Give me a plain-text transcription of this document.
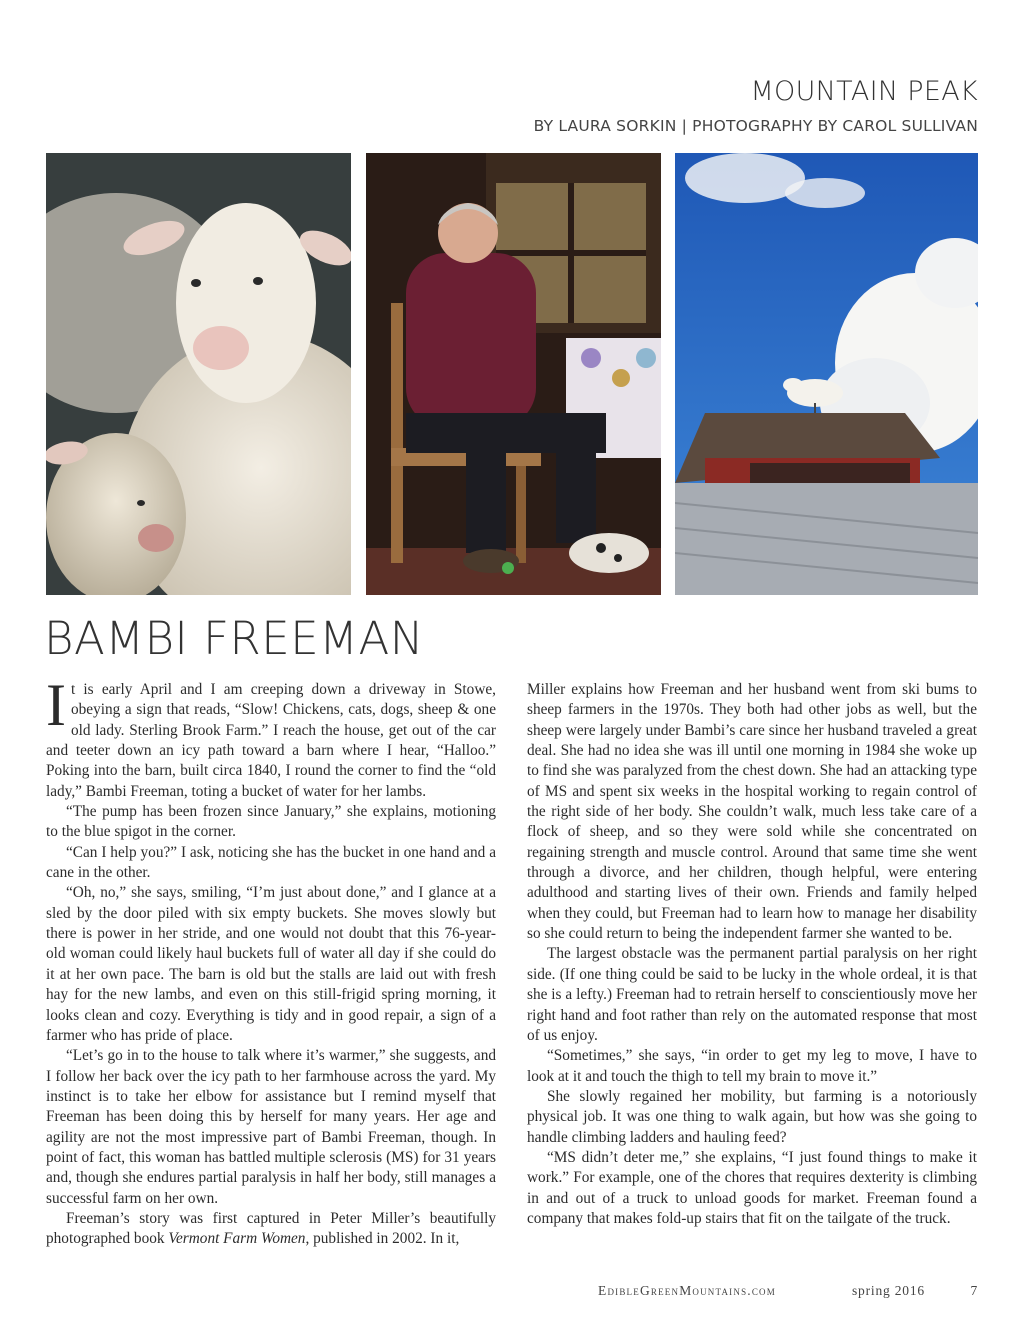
MOUNTAIN PEAK
BY LAURA SORKIN | PHOTOGRAPHY BY CAROL SULLIVAN
BAMBI FREEMAN

It is early April and I am creeping down a driveway in Stowe, obeying a sign that reads, “Slow! Chickens, cats, dogs, sheep & one old lady. Sterling Brook Farm.” I reach the house, get out of the car and teeter down an icy path toward a barn where I hear, “Halloo.” Poking into the barn, built circa 1840, I round the corner to find the “old lady,” Bambi Freeman, toting a bucket of water for her lambs.

“The pump has been frozen since January,” she explains, motioning to the blue spigot in the corner.

“Can I help you?” I ask, noticing she has the bucket in one hand and a cane in the other.

“Oh, no,” she says, smiling, “I’m just about done,” and I glance at a sled by the door piled with six empty buckets. She moves slowly but there is power in her stride, and one would not doubt that this 76-year-old woman could likely haul buckets full of water all day if she could do it at her own pace. The barn is old but the stalls are laid out with fresh hay for the new lambs, and even on this still-frigid spring morning, it looks clean and cozy. Everything is tidy and in good repair, a sign of a farmer who has pride of place.

“Let’s go in to the house to talk where it’s warmer,” she suggests, and I follow her back over the icy path to her farmhouse across the yard. My instinct is to take her elbow for assistance but I remind myself that Freeman has been doing this by herself for many years. Her age and agility are not the most impressive part of Bambi Freeman, though. In point of fact, this woman has battled multiple sclerosis (MS) for 31 years and, though she endures partial paralysis in half her body, still manages a successful farm on her own.

Freeman’s story was first captured in Peter Miller’s beautifully photographed book Vermont Farm Women, published in 2002. In it,

Miller explains how Freeman and her husband went from ski bums to sheep farmers in the 1970s. They both had other jobs as well, but the sheep were largely under Bambi’s care since her husband traveled a great deal. She had no idea she was ill until one morning in 1984 she woke up to find she was paralyzed from the chest down. She had an attacking type of MS and spent six weeks in the hospital working to regain control of the right side of her body. She couldn’t walk, much less take care of a flock of sheep, and so they were sold while she concentrated on regaining strength and muscle control. Around that same time she went through a divorce, and her children, though helpful, were entering adulthood and starting lives of their own. Friends and family helped when they could, but Freeman had to learn how to manage her disability so she could return to being the independent farmer she wanted to be.

The largest obstacle was the permanent partial paralysis on her right side. (If one thing could be said to be lucky in the whole ordeal, it is that she is a lefty.) Freeman had to retrain herself to conscientiously move her right hand and foot rather than rely on the automated response that most of us enjoy.

“Sometimes,” she says, “in order to get my leg to move, I have to look at it and touch the thigh to tell my brain to move it.”

She slowly regained her mobility, but farming is a notoriously physical job. It was one thing to walk again, but how was she going to handle climbing ladders and hauling feed?

“MS didn’t deter me,” she explains, “I just found things to make it work.” For example, one of the chores that requires dexterity is climbing in and out of a truck to unload goods for market. Freeman found a company that makes fold-up stairs that fit on the tailgate of the truck.

EdibleGreenMountains.com	spring 2016	7
